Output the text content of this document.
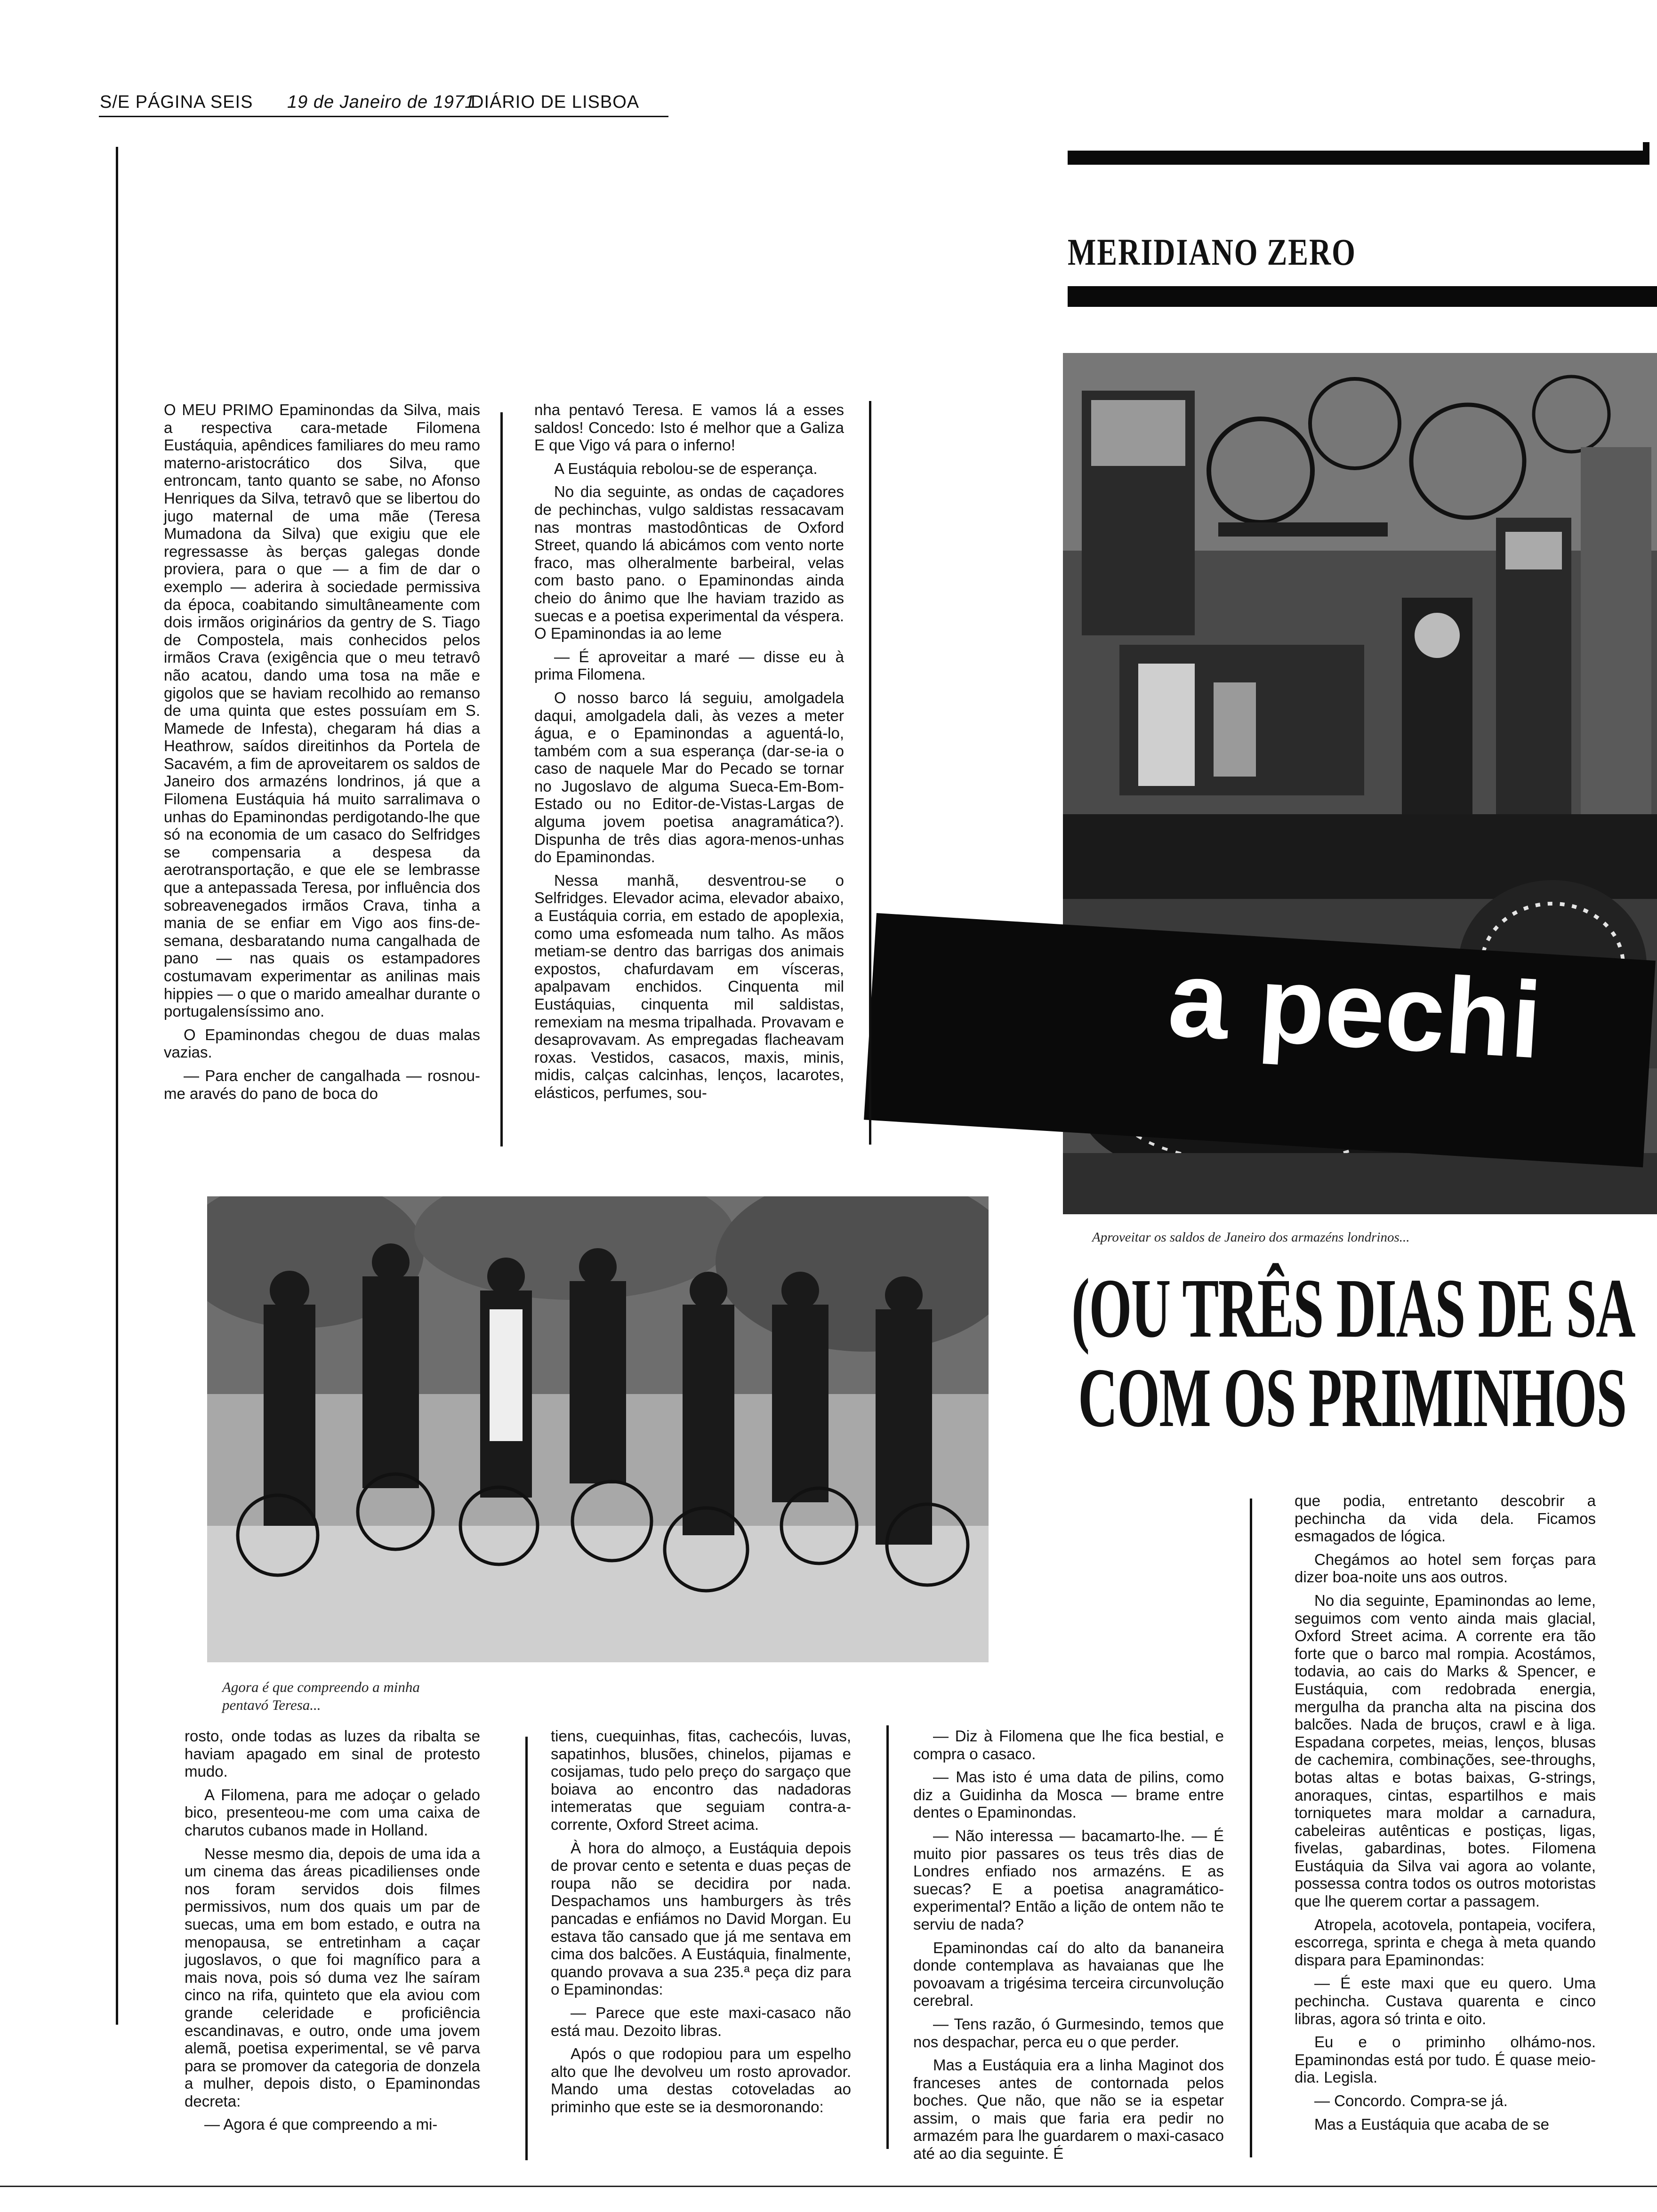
S/E PÁGINA SEIS 19 de Janeiro de 1971
DIÁRIO DE LISBOA
MERIDIANO ZERO
a pechi
Aproveitar os saldos de Janeiro dos armazéns londrinos...
(OU TRÊS DIAS DE SA
COM OS PRIMINHOS

O MEU PRIMO Epaminondas da Silva, mais a respectiva cara-metade Filomena Eustáquia, apêndices familiares do meu ramo materno-aristocrático dos Silva, que entroncam, tanto quanto se sabe, no Afonso Henriques da Silva, tetravô que se libertou do jugo maternal de uma mãe (Teresa Mumadona da Silva) que exigiu que ele regressasse às berças galegas donde proviera, para o que — a fim de dar o exemplo — aderira à sociedade permissiva da época, coabitando simultâneamente com dois irmãos originários da gentry de S. Tiago de Compostela, mais conhecidos pelos irmãos Crava (exigência que o meu tetravô não acatou, dando uma tosa na mãe e gigolos que se haviam recolhido ao remanso de uma quinta que estes possuíam em S. Mamede de Infesta), chegaram há dias a Heathrow, saídos direitinhos da Portela de Sacavém, a fim de aproveitarem os saldos de Janeiro dos armazéns londrinos, já que a Filomena Eustáquia há muito sarralimava o unhas do Epaminondas perdigotando-lhe que só na economia de um casaco do Selfridges se compensaria a despesa da aerotransportação, e que ele se lembrasse que a antepassada Teresa, por influência dos sobreavenegados irmãos Crava, tinha a mania de se enfiar em Vigo aos fins-de-semana, desbaratando numa cangalhada de pano — nas quais os estampadores costumavam experimentar as anilinas mais hippies — o que o marido amealhar durante o portugalensíssimo ano.

O Epaminondas chegou de duas malas vazias.

— Para encher de cangalhada — rosnou-me aravés do pano de boca do

nha pentavó Teresa. E vamos lá a esses saldos! Concedo: Isto é melhor que a Galiza E que Vigo vá para o inferno!

A Eustáquia rebolou-se de esperança.

No dia seguinte, as ondas de caçadores de pechinchas, vulgo saldistas ressacavam nas montras mastodônticas de Oxford Street, quando lá abicámos com vento norte fraco, mas olheralmente barbeiral, velas com basto pano. o Epaminondas ainda cheio do ânimo que lhe haviam trazido as suecas e a poetisa experimental da véspera. O Epaminondas ia ao leme

— É aproveitar a maré — disse eu à prima Filomena.

O nosso barco lá seguiu, amolgadela daqui, amolgadela dali, às vezes a meter água, e o Epaminondas a aguentá-lo, também com a sua esperança (dar-se-ia o caso de naquele Mar do Pecado se tornar no Jugoslavo de alguma Sueca-Em-Bom-Estado ou no Editor-de-Vistas-Largas de alguma jovem poetisa anagramática?). Dispunha de três dias agora-menos-unhas do Epaminondas.

Nessa manhã, desventrou-se o Selfridges. Elevador acima, elevador abaixo, a Eustáquia corria, em estado de apoplexia, como uma esfomeada num talho. As mãos metiam-se dentro das barrigas dos animais expostos, chafurdavam em vísceras, apalpavam enchidos. Cinquenta mil Eustáquias, cinquenta mil saldistas, remexiam na mesma tripalhada. Provavam e desaprovavam. As empregadas flacheavam roxas. Vestidos, casacos, maxis, minis, midis, calças calcinhas, lenços, lacarotes, elásticos, perfumes, sou-

Agora é que compreendo a minha
pentavó Teresa...

rosto, onde todas as luzes da ribalta se haviam apagado em sinal de protesto mudo.

A Filomena, para me adoçar o gelado bico, presenteou-me com uma caixa de charutos cubanos made in Holland.

Nesse mesmo dia, depois de uma ida a um cinema das áreas picadilienses onde nos foram servidos dois filmes permissivos, num dos quais um par de suecas, uma em bom estado, e outra na menopausa, se entretinham a caçar jugoslavos, o que foi magnífico para a mais nova, pois só duma vez lhe saíram cinco na rifa, quinteto que ela aviou com grande celeridade e proficiência escandinavas, e outro, onde uma jovem alemã, poetisa experimental, se vê parva para se promover da categoria de donzela a mulher, depois disto, o Epaminondas decreta:

— Agora é que compreendo a mi-

tiens, cuequinhas, fitas, cachecóis, luvas, sapatinhos, blusões, chinelos, pijamas e cosijamas, tudo pelo preço do sargaço que boiava ao encontro das nadadoras intemeratas que seguiam contra-a-corrente, Oxford Street acima.

À hora do almoço, a Eustáquia depois de provar cento e setenta e duas peças de roupa não se decidira por nada. Despachamos uns hamburgers às três pancadas e enfiámos no David Morgan. Eu estava tão cansado que já me sentava em cima dos balcões. A Eustáquia, finalmente, quando provava a sua 235.ª peça diz para o Epaminondas:

— Parece que este maxi-casaco não está mau. Dezoito libras.

Após o que rodopiou para um espelho alto que lhe devolveu um rosto aprovador. Mando uma destas cotoveladas ao priminho que este se ia desmoronando:

— Diz à Filomena que lhe fica bestial, e compra o casaco.

— Mas isto é uma data de pilins, como diz a Guidinha da Mosca — brame entre dentes o Epaminondas.

— Não interessa — bacamarto-lhe. — É muito pior passares os teus três dias de Londres enfiado nos armazéns. E as suecas? E a poetisa anagramático-experimental? Então a lição de ontem não te serviu de nada?

Epaminondas caí do alto da bananeira donde contemplava as havaianas que lhe povoavam a trigésima terceira circunvolução cerebral.

— Tens razão, ó Gurmesindo, temos que nos despachar, perca eu o que perder.

Mas a Eustáquia era a linha Maginot dos franceses antes de contornada pelos boches. Que não, que não se ia espetar assim, o mais que faria era pedir no armazém para lhe guardarem o maxi-casaco até ao dia seguinte. É

que podia, entretanto descobrir a pechincha da vida dela. Ficamos esmagados de lógica.

Chegámos ao hotel sem forças para dizer boa-noite uns aos outros.

No dia seguinte, Epaminondas ao leme, seguimos com vento ainda mais glacial, Oxford Street acima. A corrente era tão forte que o barco mal rompia. Acostámos, todavia, ao cais do Marks & Spencer, e Eustáquia, com redobrada energia, mergulha da prancha alta na piscina dos balcões. Nada de bruços, crawl e à liga. Espadana corpetes, meias, lenços, blusas de cachemira, combinações, see-throughs, botas altas e botas baixas, G-strings, anoraques, cintas, espartilhos e mais torniquetes mara moldar a carnadura, cabeleiras autênticas e postiças, ligas, fivelas, gabardinas, botes. Filomena Eustáquia da Silva vai agora ao volante, possessa contra todos os outros motoristas que lhe querem cortar a passagem.

Atropela, acotovela, pontapeia, vocifera, escorrega, sprinta e chega à meta quando dispara para Epaminondas:

— É este maxi que eu quero. Uma pechincha. Custava quarenta e cinco libras, agora só trinta e oito.

Eu e o priminho olhámo-nos. Epaminondas está por tudo. É quase meio-dia. Legisla.

— Concordo. Compra-se já.

Mas a Eustáquia que acaba de se
